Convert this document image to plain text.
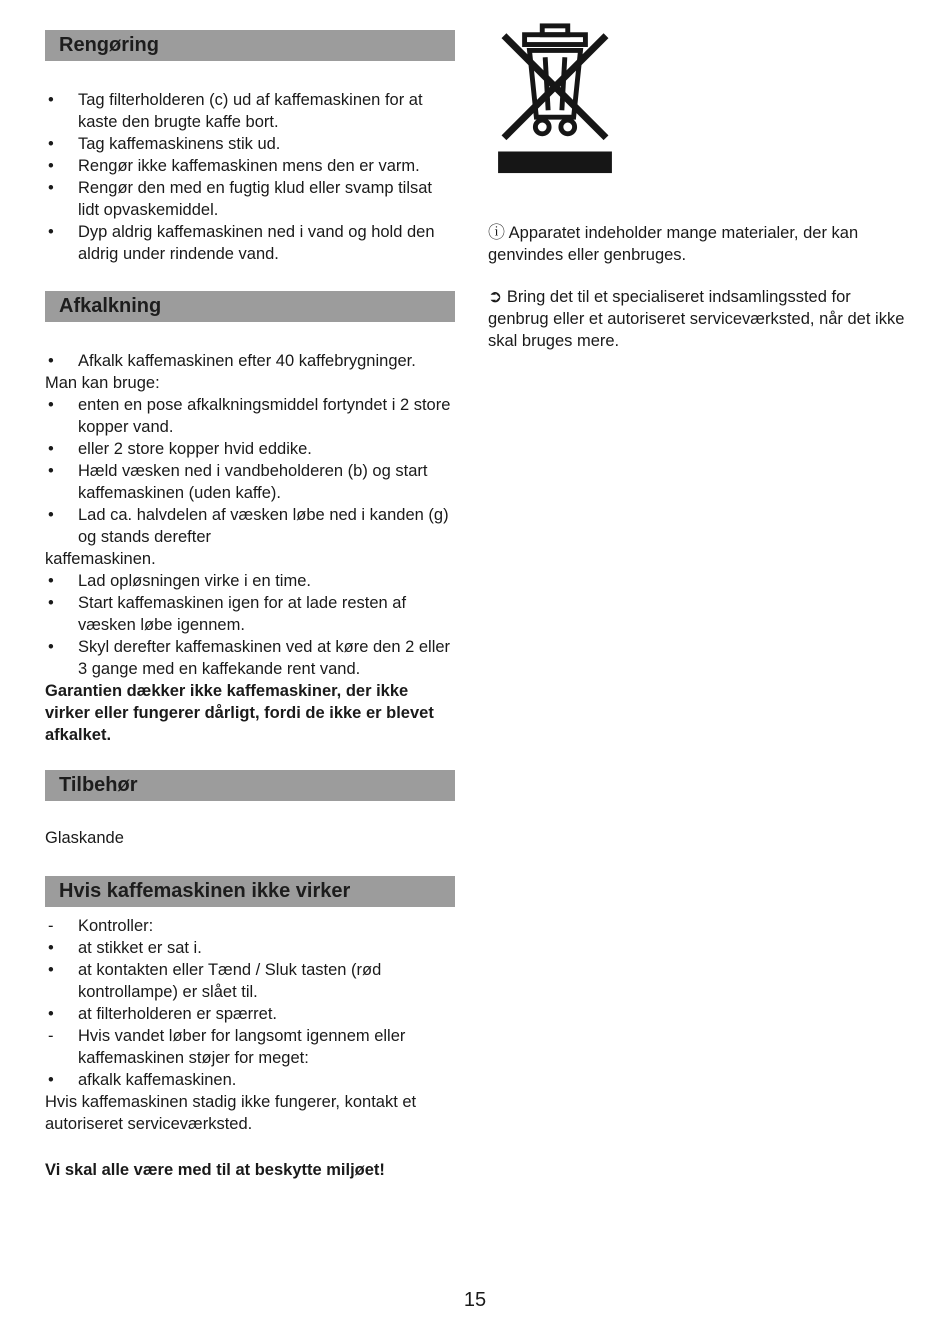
Rengøring
•	Tag filterholderen (c) ud af kaffemaskinen for at kaste den brugte kaffe bort.
•	Tag kaffemaskinens stik ud.
•	Rengør ikke kaffemaskinen mens den er varm.
•	Rengør den med en fugtig klud eller svamp tilsat lidt opvaskemiddel.
•	Dyp aldrig kaffemaskinen ned i vand og hold den aldrig under rindende vand.
Afkalkning
•	Afkalk kaffemaskinen efter 40 kaffebrygninger.

Man kan bruge:

•	enten en pose afkalkningsmiddel fortyndet i 2 store kopper vand.
•	eller 2 store kopper hvid eddike.
•	Hæld væsken ned i vandbeholderen (b) og start kaffemaskinen (uden kaffe).
•	Lad ca. halvdelen af væsken løbe ned i kanden (g) og stands derefter

kaffemaskinen.

•	Lad opløsningen virke i en time.
•	Start kaffemaskinen igen for at lade resten af væsken løbe igennem.
•	Skyl derefter kaffemaskinen ved at køre den 2 eller 3 gange med en kaffekande rent vand.

Garantien dækker ikke kaffemaskiner, der ikke virker eller fungerer dårligt, fordi de ikke er blevet afkalket.

Tilbehør

Glaskande

Hvis kaffemaskinen ikke virker
-	Kontroller:
•	at stikket er sat i.
•	at kontakten eller Tænd / Sluk tasten (rød kontrollampe) er slået til.
•	at filterholderen er spærret.
-	Hvis vandet løber for langsomt igennem eller kaffemaskinen støjer for meget:
•	afkalk kaffemaskinen.

Hvis kaffemaskinen stadig ikke fungerer, kontakt et autoriseret serviceværksted.

Vi skal alle være med til at beskytte miljøet!

ⓘ Apparatet indeholder mange materialer, der kan genvindes eller genbruges.

➲ Bring det til et specialiseret indsamlingssted for genbrug eller et autoriseret serviceværksted, når det ikke skal bruges mere.

15
